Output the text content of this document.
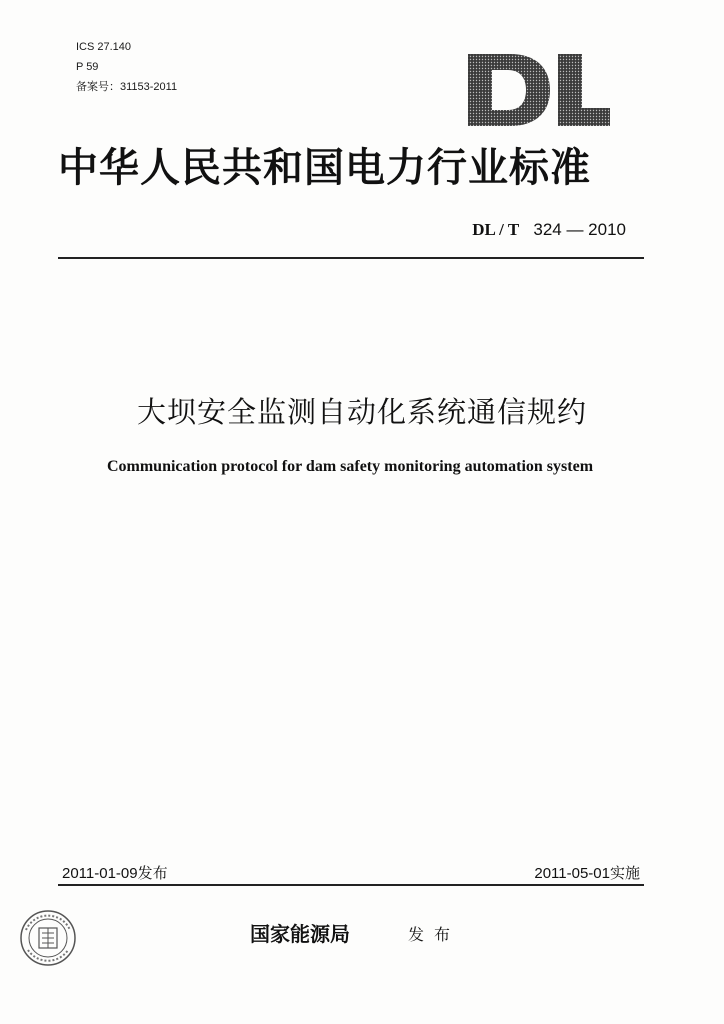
ICS 27.140
P 59
备案号：31153-2011
中华人民共和国电力行业标准
DL / T 324 — 2010
大坝安全监测自动化系统通信规约
Communication protocol for dam safety monitoring automation system
2011-01-09发布	2011-05-01实施
国家能源局	发布
